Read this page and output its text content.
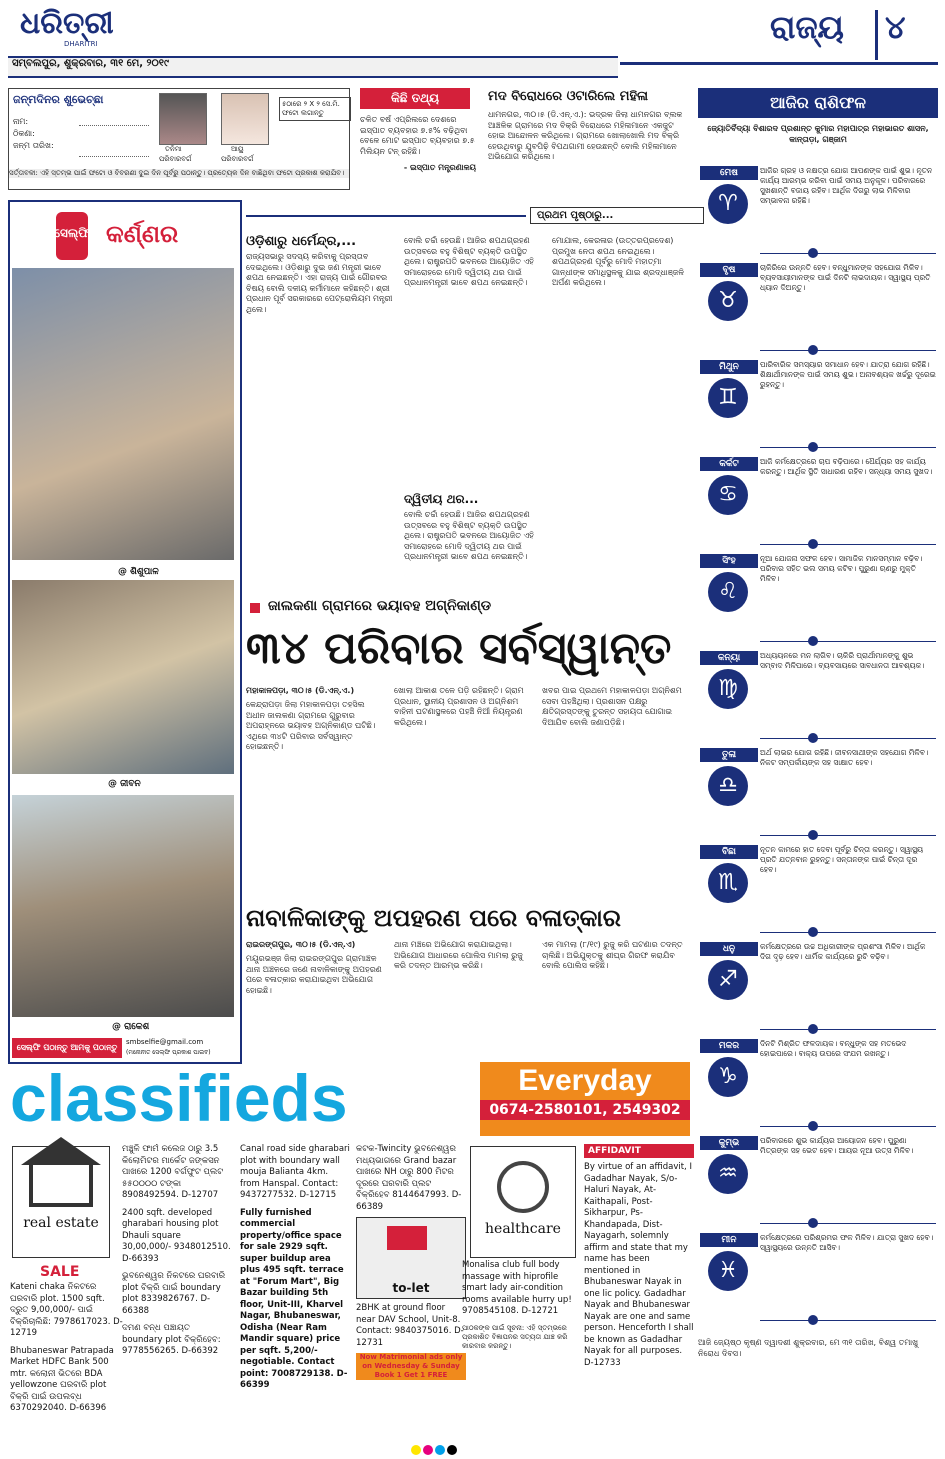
ଧରିତ୍ରୀ
DHARITRI
ସମ୍ବଲପୁର, ଶୁକ୍ରବାର, ୩୧ ମେ, ୨୦୧୯
ରାଜ୍ୟ ୪
ଜନ୍ମଦିନର ଶୁଭେଚ୍ଛା
ନାମ:
ଠିକଣା:
ଜନ୍ମ ତାରିଖ:	ତନିମା
ପରିବାରବର୍ଗ
ଆୟୁ
ପରିବାରବର୍ଗ
୫ଠାରେ ୨ X ୨ ସେ.ମି. ଫଟୋ ଲଗାନ୍ତୁ
ସର୍ତ୍ତାବଳୀ: ଏହି ସ୍ତମ୍ଭ ପାଇଁ ଫଟୋ ଓ ବିବରଣୀ ଦୁଇ ଦିନ ପୂର୍ବରୁ ପଠାନ୍ତୁ। ପ୍ରତ୍ୟେକ ଦିନ ବାଛିଥିବା ଫଟୋ ପ୍ରକାଶ କରାଯିବ।
କିଛି ତଥ୍ୟ
ଚଳିତ ବର୍ଷ ଏପ୍ରିଲରେ ଦେଶରେ ଇସ୍ପାତ ବ୍ୟବହାର ୭.୫% ବଢ଼ିଥିବା ବେଳେ ମୋଟ ଇସ୍ପାତ ବ୍ୟବହାର ୭.୫ ମିଲିୟନ ଟନ୍ ରହିଛି।
- ଇସ୍ପାତ ମନ୍ତ୍ରଣାଳୟ
ମଦ ବିରୋଧରେ ଓଟାରିଲେ ମହିଳା
ଧାମନଗର, ୩୦।୫ (ଡି.ଏନ୍.ଏ.): ଭଦ୍ରକ ଜିଲା ଧାମନଗର ବ୍ଲକ ଆଞ୍ଚଳିକ ଗ୍ରାମରେ ମଦ ବିକ୍ରି ବିରୋଧରେ ମହିଳାମାନେ ଏକଜୁଟ ହୋଇ ଆନ୍ଦୋଳନ କରିଥିଲେ। ଗ୍ରାମରେ ଖୋଲାଖୋଲି ମଦ ବିକ୍ରି ହେଉଥିବାରୁ ଯୁବପିଢ଼ି ବିପଥଗାମୀ ହେଉଛନ୍ତି ବୋଲି ମହିଳାମାନେ ଅଭିଯୋଗ କରିଥିଲେ।
ସେଲ୍ଫି କର୍ଣ୍ଣର
@ ଶିଶୁପାଳ
@ ଜୀବନ
@ ରାକେଶ
ସେଲ୍ଫି ପଠାନ୍ତୁ ଆମକୁ ପଠାନ୍ତୁ
smbselfie@gmail.com
(ମନୋନୀତ ସେଲ୍ଫି ପ୍ରକାଶ ପାଇବ)
ପ୍ରଥମ ପୃଷ୍ଠାରୁ...
ଓଡ଼ିଶାରୁ ଧର୍ମେନ୍ଦ୍ର,...
ରାଜ୍ୟସଭାରୁ ସଦସ୍ୟ କରିବାକୁ ପ୍ରସ୍ତାବ ଦେଇଥିଲେ। ଓଡ଼ିଶାରୁ ଦୁଇ ଜଣ ମନ୍ତ୍ରୀ ଭାବେ ଶପଥ ନେଇଛନ୍ତି। ଏହା ରାଜ୍ୟ ପାଇଁ ଗୌରବର ବିଷୟ ବୋଲି ଦଳୀୟ କର୍ମୀମାନେ କହିଛନ୍ତି। ଶ୍ରୀ ପ୍ରଧାନ ପୂର୍ବ ସରକାରରେ ପେଟ୍ରୋଲିୟମ ମନ୍ତ୍ରୀ ଥିଲେ।
ବୋଲି ଚର୍ଚ୍ଚା ହେଉଛି। ଆଜିର ଶପଥଗ୍ରହଣ ଉତ୍ସବରେ ବହୁ ବିଶିଷ୍ଟ ବ୍ୟକ୍ତି ଉପସ୍ଥିତ ଥିଲେ। ରାଷ୍ଟ୍ରପତି ଭବନରେ ଆୟୋଜିତ ଏହି ସମାରୋହରେ ମୋଦି ଦ୍ୱିତୀୟ ଥର ପାଇଁ ପ୍ରଧାନମନ୍ତ୍ରୀ ଭାବେ ଶପଥ ନେଇଛନ୍ତି।
ଦ୍ୱିତୀୟ ଥର...
ବୋଲି ଚର୍ଚ୍ଚା ହେଉଛି। ଆଜିର ଶପଥଗ୍ରହଣ ଉତ୍ସବରେ ବହୁ ବିଶିଷ୍ଟ ବ୍ୟକ୍ତି ଉପସ୍ଥିତ ଥିଲେ। ରାଷ୍ଟ୍ରପତି ଭବନରେ ଆୟୋଜିତ ଏହି ସମାରୋହରେ ମୋଦି ଦ୍ୱିତୀୟ ଥର ପାଇଁ ପ୍ରଧାନମନ୍ତ୍ରୀ ଭାବେ ଶପଥ ନେଇଛନ୍ତି।
ମୋଯାଲ, କେରଳାର (ଉତ୍ତରପ୍ରଦେଶ) ପ୍ରମୁଖ ନେତା ଶପଥ ନେଇଥିଲେ। ଶପଥଗ୍ରହଣ ପୂର୍ବରୁ ମୋଦି ମହାତ୍ମା ଗାନ୍ଧୀଙ୍କ ସମାଧିସ୍ଥଳକୁ ଯାଇ ଶ୍ରଦ୍ଧାଞ୍ଜଳି ଅର୍ପଣ କରିଥିଲେ।
ଜାଲକଣା ଗ୍ରାମରେ ଭୟାବହ ଅଗ୍ନିକାଣ୍ଡ
୩୪ ପରିବାର ସର୍ବସ୍ୱାନ୍ତ
ମହାକାଳପଡ଼ା, ୩୦।୫ (ଡି.ଏନ୍.ଏ.)
କେନ୍ଦ୍ରାପଡ଼ା ଜିଲା ମହାକାଳପଡ଼ା ତହସିଲ ଅଧୀନ ଜାଲକଣା ଗ୍ରାମରେ ଗୁରୁବାର ଅପରାହ୍ନରେ ଭୟାବହ ଅଗ୍ନିକାଣ୍ଡ ଘଟିଛି। ଏଥିରେ ୩୪ଟି ପରିବାର ସର୍ବସ୍ୱାନ୍ତ ହୋଇଛନ୍ତି।
ଖୋଲା ଆକାଶ ତଳେ ପଡ଼ି ରହିଛନ୍ତି। ଗ୍ରାମ ପ୍ରଧାନ, ସ୍ଥାନୀୟ ପ୍ରଶାସନ ଓ ଅଗ୍ନିଶମ ବାହିନୀ ଘଟଣାସ୍ଥଳରେ ପହଞ୍ଚି ନିଆଁ ନିୟନ୍ତ୍ରଣ କରିଥିଲେ।
ଖବର ପାଇ ପ୍ରଥମେ ମହାକାଳପଡ଼ା ଅଗ୍ନିଶମ ସେବା ପହଞ୍ଚିଥିଲା। ପ୍ରଶାସନ ପକ୍ଷରୁ କ୍ଷତିଗ୍ରସ୍ତଙ୍କୁ ତୁରନ୍ତ ସହାୟତା ଯୋଗାଇ ଦିଆଯିବ ବୋଲି ଜଣାପଡ଼ିଛି।
ନାବାଳିକାଙ୍କୁ ଅପହରଣ ପରେ ବଳାତ୍କାର
ରାଇରଙ୍ଗପୁର, ୩୦।୫ (ଡି.ଏନ୍.ଏ)
ମୟୂରଭଞ୍ଜ ଜିଲା ରାଇରଙ୍ଗପୁର ଗ୍ରାମାଞ୍ଚଳ ଥାନା ଅଞ୍ଚଳରେ ଜଣେ ନାବାଳିକାଙ୍କୁ ଅପହରଣ ପରେ ବଳାତ୍କାର କରାଯାଇଥିବା ଅଭିଯୋଗ ହୋଇଛି।
ଥାନା ମଞ୍ଚରେ ଅଭିଯୋଗ କରାଯାଇଥିଲା। ଅଭିଯୋଗ ଆଧାରରେ ପୋଲିସ ମାମଲା ରୁଜୁ କରି ତଦନ୍ତ ଆରମ୍ଭ କରିଛି।
ଏକ ମାମଲା (୮/୧୯) ରୁଜୁ କରି ଘଟଣାର ତଦନ୍ତ ଚାଲିଛି। ଅଭିଯୁକ୍ତକୁ ଶୀଘ୍ର ଗିରଫ କରାଯିବ ବୋଲି ପୋଲିସ କହିଛି।
ଆଜିର ରାଶିଫଳ
ଜ୍ୟୋତିର୍ବିଦ୍ୟା ବିଶାରଦ ପ୍ରଶାନ୍ତ କୁମାର ମହାପାତ୍ର ମହାଭାରତ ଶାସନ, କାନ୍ତାଡ଼ା, ଗଞ୍ଜାମ
ମେଷ
♈
ଆଜିର ଗ୍ରହ ଓ ନକ୍ଷତ୍ର ଯୋଗ ଆପଣଙ୍କ ପାଇଁ ଶୁଭ। ନୂତନ କାର୍ଯ୍ୟ ଆରମ୍ଭ କରିବା ପାଇଁ ସମୟ ଅନୁକୂଳ। ପରିବାରରେ ସୁଖଶାନ୍ତି ବଜାୟ ରହିବ। ଆର୍ଥିକ ଦିଗରୁ ଲାଭ ମିଳିବାର ସମ୍ଭାବନା ରହିଛି।
ବୃଷ
♉
ଚାକିରିରେ ଉନ୍ନତି ହେବ। ବନ୍ଧୁମାନଙ୍କ ସହଯୋଗ ମିଳିବ। ବ୍ୟବସାୟୀମାନଙ୍କ ପାଇଁ ଦିନଟି ଲାଭଦାୟକ। ସ୍ୱାସ୍ଥ୍ୟ ପ୍ରତି ଧ୍ୟାନ ଦିଅନ୍ତୁ।
ମିଥୁନ
♊
ପାରିବାରିକ ସମସ୍ୟାର ସମାଧାନ ହେବ। ଯାତ୍ରା ଯୋଗ ରହିଛି। ଶିକ୍ଷାର୍ଥୀମାନଙ୍କ ପାଇଁ ସମୟ ଶୁଭ। ଅନାବଶ୍ୟକ ଖର୍ଚ୍ଚରୁ ଦୂରେଇ ରୁହନ୍ତୁ।
କର୍କଟ
♋
ଆଜି କର୍ମକ୍ଷେତ୍ରରେ ଚାପ ବଢ଼ିପାରେ। ଧୈର୍ଯ୍ୟର ସହ କାର୍ଯ୍ୟ କରନ୍ତୁ। ଆର୍ଥିକ ସ୍ଥିତି ସାଧାରଣ ରହିବ। ସନ୍ଧ୍ୟା ସମୟ ସୁଖଦ।
ସିଂହ
♌
ନୂଆ ଯୋଜନା ସଫଳ ହେବ। ସାମାଜିକ ମାନସମ୍ମାନ ବଢ଼ିବ। ପରିବାର ସହିତ ଭଲ ସମୟ କଟିବ। ପୁରୁଣା ଋଣରୁ ମୁକ୍ତି ମିଳିବ।
କନ୍ୟା
♍
ଅଧ୍ୟୟନରେ ମନ ଲାଗିବ। ଚାକିରି ପ୍ରାର୍ଥୀମାନଙ୍କୁ ଶୁଭ ସମ୍ବାଦ ମିଳିପାରେ। ବ୍ୟବସାୟରେ ସାବଧାନତା ଆବଶ୍ୟକ।
ତୁଳା
♎
ଅର୍ଥ ଲାଭର ଯୋଗ ରହିଛି। ଜୀବନସାଥୀଙ୍କ ସହଯୋଗ ମିଳିବ। ନିକଟ ସମ୍ପର୍କୀୟଙ୍କ ସହ ସାକ୍ଷାତ ହେବ।
ବିଛା
♏
ନୂତନ କାମରେ ହାତ ଦେବା ପୂର୍ବରୁ ଚିନ୍ତା କରନ୍ତୁ। ସ୍ୱାସ୍ଥ୍ୟ ପ୍ରତି ଯତ୍ନବାନ ରୁହନ୍ତୁ। ସନ୍ତାନଙ୍କ ପାଇଁ ଚିନ୍ତା ଦୂର ହେବ।
ଧନୁ
♐
କର୍ମକ୍ଷେତ୍ରରେ ଉଚ୍ଚ ଅଧିକାରୀଙ୍କ ପ୍ରଶଂସା ମିଳିବ। ଆର୍ଥିକ ଦିଗ ଦୃଢ଼ ହେବ। ଧାର୍ମିକ କାର୍ଯ୍ୟରେ ରୁଚି ବଢ଼ିବ।
ମକର
♑
ଦିନଟି ମିଶ୍ରିତ ଫଳଦାୟକ। ବନ୍ଧୁଙ୍କ ସହ ମତଭେଦ ହୋଇପାରେ। ବାକ୍ୟ ଉପରେ ସଂଯମ ରଖନ୍ତୁ।
କୁମ୍ଭ
♒
ପରିବାରରେ ଶୁଭ କାର୍ଯ୍ୟର ଆୟୋଜନ ହେବ। ପୁରୁଣା ମିତ୍ରଙ୍କ ସହ ଭେଟ ହେବ। ଆୟର ନୂଆ ଉତ୍ସ ମିଳିବ।
ମୀନ
♓
କର୍ମକ୍ଷେତ୍ରରେ ପରିଶ୍ରମର ଫଳ ମିଳିବ। ଯାତ୍ରା ସୁଖଦ ହେବ। ସ୍ୱାସ୍ଥ୍ୟରେ ଉନ୍ନତି ଆସିବ।
ଆଜି ଜ୍ୟେଷ୍ଠ କୃଷ୍ଣ ଦ୍ୱାଦଶୀ ଶୁକ୍ରବାର, ମେ ୩୧ ତାରିଖ, ବିଶ୍ୱ ତମାଖୁ ନିରୋଧ ଦିବସ।
classifieds	Everyday
0674-2580101, 2549302
real estate
SALE
Kateni chaka ନିକଟରେ ଘରବାରି plot. 1500 sqft. ଦ୍ରୁତ 9,00,000/- ପାଇଁ ବିକ୍ରିଚାଲିଛି: 7978617023. D-12719
Bhubaneswar Patrapada Market HDFC Bank 500 mtr. କଲୋନୀ ଭିତରେ BDA yellowzone ଘରବାରି plot ବିକ୍ରି ପାଇଁ ଉପଲବ୍ଧ 6370292040. D-66396
ମଞ୍ଚୁଳି ଫାର୍ମ କଲେଜ ଠାରୁ 3.5 କିଲୋମିଟର ମାର୍କେଟ ଜଙ୍କସନ ପାଖରେ 1200 ବର୍ଗଫୁଟ ପ୍ଲଟ ୫୫୦୦୦୦ ଟଙ୍କା 8908492594. D-12707
2400 sqft. developed gharabari housing plot Dhauli square 30,00,000/- 9348012510. D-66393
ଭୁବନେଶ୍ୱର ନିକଟରେ ଘରବାରି plot ବିକ୍ରି ପାଇଁ boundary plot 8339826767. D-66388
ଦମଣ ବନ୍ଧ ପଞ୍ଚାୟତ boundary plot ବିକ୍ରିହେବ: 9778556265. D-66392
Canal road side gharabari plot with boundary wall mouja Balianta 4km. from Hanspal. Contact: 9437277532. D-12715
Fully furnished commercial property/office space for sale 2929 sqft. super buildup area plus 495 sqft. terrace at "Forum Mart", Big Bazar building 5th floor, Unit-III, Kharvel Nagar, Bhubaneswar, Odisha (Near Ram Mandir square) price per sqft. 5,200/- negotiable. Contact point: 7008729138. D-66399
କଟକ-Twincity ଭୁବନେଶ୍ୱର ମଧ୍ୟଭାଗରେ Grand bazar ପାଖରେ NH ଠାରୁ 800 ମିଟର ଦୂରରେ ଘରବାରି ପ୍ଲଟ ବିକ୍ରିହେବ 8144647993. D-66389
to-let
2BHK at ground floor near DAV School, Unit-8. Contact: 9840375016. D-12731
Now Matrimonial ads only on Wednesday & Sunday Book 1 Get 1 FREE
healthcare
Monalisa club full body massage with hiprofile smart lady air-condition rooms available hurry up! 9708545108. D-12721
ପାଠକଙ୍କ ପାଇଁ ସୂଚନା: ଏହି ସ୍ତମ୍ଭରେ ପ୍ରକାଶିତ ବିଜ୍ଞାପନର ସତ୍ୟତା ଯାଞ୍ଚ କରି କାରବାର କରନ୍ତୁ।
AFFIDAVIT
By virtue of an affidavit, I Gadadhar Nayak, S/o- Haluri Nayak, At- Kaithapali, Post- Sikharpur, Ps- Khandapada, Dist- Nayagarh, solemnly affirm and state that my name has been mentioned in Bhubaneswar Nayak in one lic policy. Gadadhar Nayak and Bhubaneswar Nayak are one and same person. Henceforth I shall be known as Gadadhar Nayak for all purposes. D-12733
